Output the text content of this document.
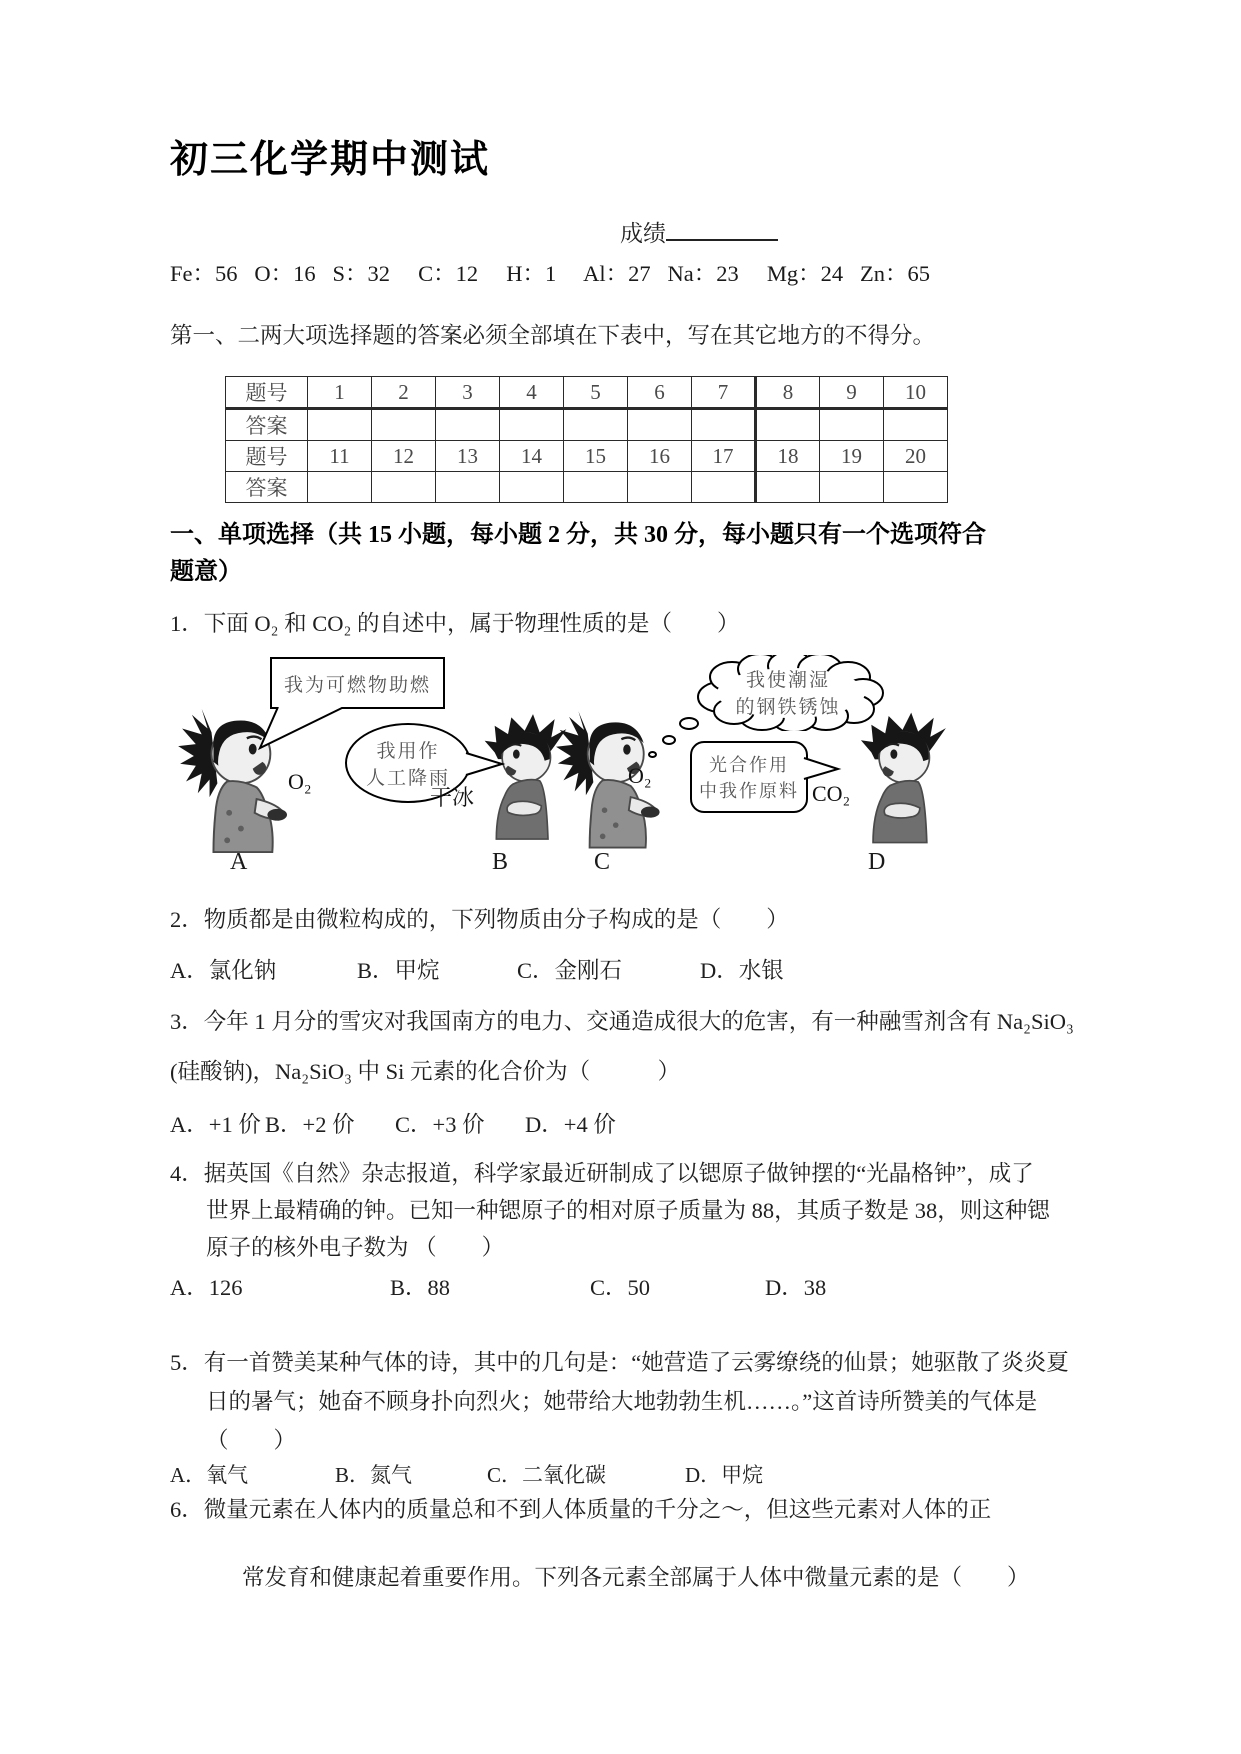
初三化学期中测试
成绩
Fe：56   O：16   S：32     C：12     H：1     Al：27   Na：23     Mg：24   Zn：65
第一、二两大项选择题的答案必须全部填在下表中，写在其它地方的不得分。
题号	1	2	3	4	5	6	7	8	9	10
答案										
题号	11	12	13	14	15	16	17	18	19	20
答案										
一、单项选择（共 15 小题，每小题 2 分，共 30 分，每小题只有一个选项符合
题意）
1．下面 O₂ 和 CO₂ 的自述中，属于物理性质的是（　　）
我为可燃物助燃
O₂
我用作
人工降雨
干冰
O₂
我使潮湿
的钢铁锈蚀
光合作用
中我作原料 CO₂
A	B	C	D
2．物质都是由微粒构成的，下列物质由分子构成的是（　　）
A．氯化钠	B．甲烷	C．金刚石	D．水银
3．今年 1 月分的雪灾对我国南方的电力、交通造成很大的危害，有一种融雪剂含有 Na₂SiO₃
(硅酸钠)，Na₂SiO₃ 中 Si 元素的化合价为（　　　）
A．+1 价 B．+2 价	C．+3 价	D．+4 价
4．据英国《自然》杂志报道，科学家最近研制成了以锶原子做钟摆的“光晶格钟”，成了
世界上最精确的钟。已知一种锶原子的相对原子质量为 88，其质子数是 38，则这种锶
原子的核外电子数为 （　　）
A．126	B．88	C．50	D．38
5．有一首赞美某种气体的诗，其中的几句是：“她营造了云雾缭绕的仙景；她驱散了炎炎夏
日的暑气；她奋不顾身扑向烈火；她带给大地勃勃生机……。”这首诗所赞美的气体是
（　　）
A．氧气	B．氮气	C．二氧化碳	D．甲烷
6．微量元素在人体内的质量总和不到人体质量的千分之～，但这些元素对人体的正
常发育和健康起着重要作用。下列各元素全部属于人体中微量元素的是（　　）
